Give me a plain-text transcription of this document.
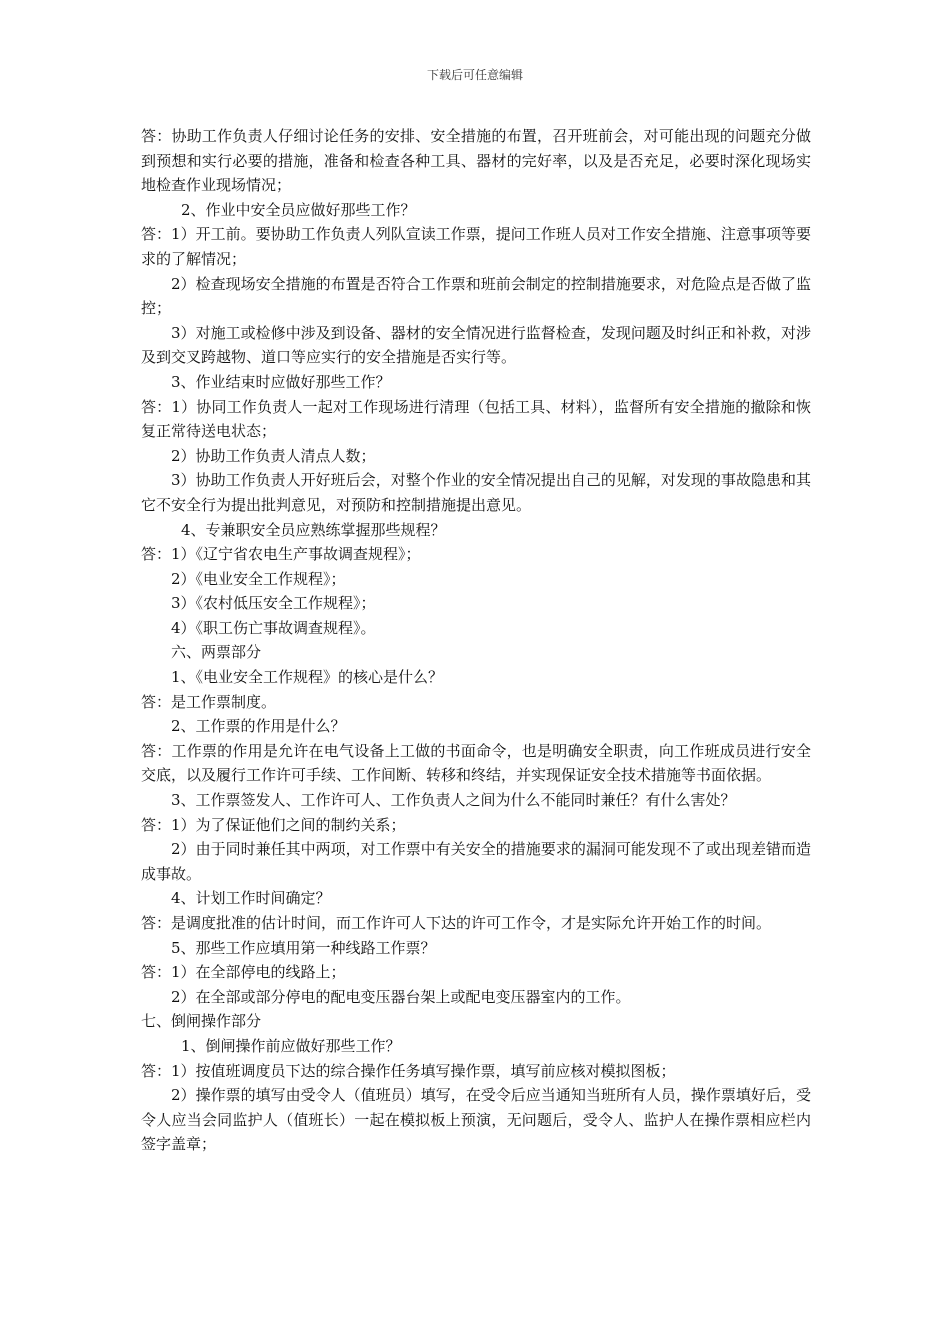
下载后可任意编辑

答：协助工作负责人仔细讨论任务的安排、安全措施的布置，召开班前会，对可能出现的问题充分做到预想和实行必要的措施，准备和检查各种工具、器材的完好率，以及是否充足，必要时深化现场实地检查作业现场情况；

2、作业中安全员应做好那些工作？

答：1）开工前。要协助工作负责人列队宣读工作票，提问工作班人员对工作安全措施、注意事项等要求的了解情况；

2）检查现场安全措施的布置是否符合工作票和班前会制定的控制措施要求，对危险点是否做了监控；

3）对施工或检修中涉及到设备、器材的安全情况进行监督检查，发现问题及时纠正和补救，对涉及到交叉跨越物、道口等应实行的安全措施是否实行等。

3、作业结束时应做好那些工作？

答：1）协同工作负责人一起对工作现场进行清理（包括工具、材料），监督所有安全措施的撤除和恢复正常待送电状态；

2）协助工作负责人清点人数；

3）协助工作负责人开好班后会，对整个作业的安全情况提出自己的见解，对发现的事故隐患和其它不安全行为提出批判意见，对预防和控制措施提出意见。

4、专兼职安全员应熟练掌握那些规程？

答：1）《辽宁省农电生产事故调查规程》；

2）《电业安全工作规程》；

3）《农村低压安全工作规程》；

4）《职工伤亡事故调查规程》。

六、两票部分

1、《电业安全工作规程》的核心是什么？

答：是工作票制度。

2、工作票的作用是什么？

答：工作票的作用是允许在电气设备上工做的书面命令，也是明确安全职责，向工作班成员进行安全交底，以及履行工作许可手续、工作间断、转移和终结，并实现保证安全技术措施等书面依据。

3、工作票签发人、工作许可人、工作负责人之间为什么不能同时兼任？有什么害处？

答：1）为了保证他们之间的制约关系；

2）由于同时兼任其中两项，对工作票中有关安全的措施要求的漏洞可能发现不了或出现差错而造成事故。

4、计划工作时间确定？

答：是调度批准的估计时间，而工作许可人下达的许可工作令，才是实际允许开始工作的时间。

5、那些工作应填用第一种线路工作票？

答：1）在全部停电的线路上；

2）在全部或部分停电的配电变压器台架上或配电变压器室内的工作。

七、倒闸操作部分

1、倒闸操作前应做好那些工作？

答：1）按值班调度员下达的综合操作任务填写操作票，填写前应核对模拟图板；

2）操作票的填写由受令人（值班员）填写，在受令后应当通知当班所有人员，操作票填好后，受令人应当会同监护人（值班长）一起在模拟板上预演，无问题后，受令人、监护人在操作票相应栏内签字盖章；
